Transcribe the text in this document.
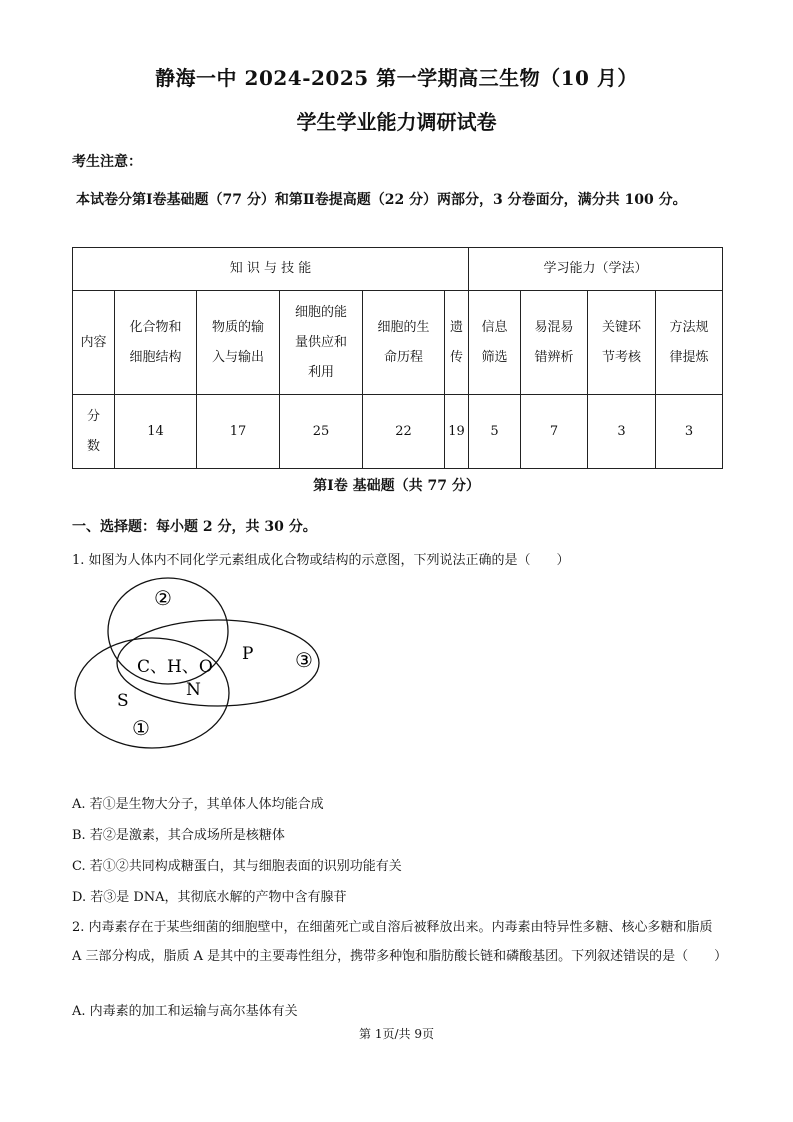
静海一中 2024-2025 第一学期高三生物（10 月）
学生学业能力调研试卷
考生注意：
本试卷分第Ⅰ卷基础题（77 分）和第Ⅱ卷提高题（22 分）两部分，3 分卷面分，满分共 100 分。
知 识 与 技 能						学习能力（学法）			
内容	化合物和细胞结构	物质的输入与输出	细胞的能量供应和利用	细胞的生命历程	遗传	信息筛选	易混易错辨析	关键环节考核	方法规律提炼
分数	14	17	25	22	19	5	7	3	3
第Ⅰ卷 基础题（共 77 分）
一、选择题：每小题 2 分，共 30 分。
1. 如图为人体内不同化学元素组成化合物或结构的示意图，下列说法正确的是（　　）
②
③
①
C、H、O
N
P
S
A. 若①是生物大分子，其单体人体均能合成
B. 若②是激素，其合成场所是核糖体
C. 若①②共同构成糖蛋白，其与细胞表面的识别功能有关
D. 若③是 DNA，其彻底水解的产物中含有腺苷
2. 内毒素存在于某些细菌的细胞壁中，在细菌死亡或自溶后被释放出来。内毒素由特异性多糖、核心多糖和脂质 A 三部分构成，脂质 A 是其中的主要毒性组分，携带多种饱和脂肪酸长链和磷酸基团。下列叙述错误的是（　　）
A. 内毒素的加工和运输与高尔基体有关
第 1页/共 9页
